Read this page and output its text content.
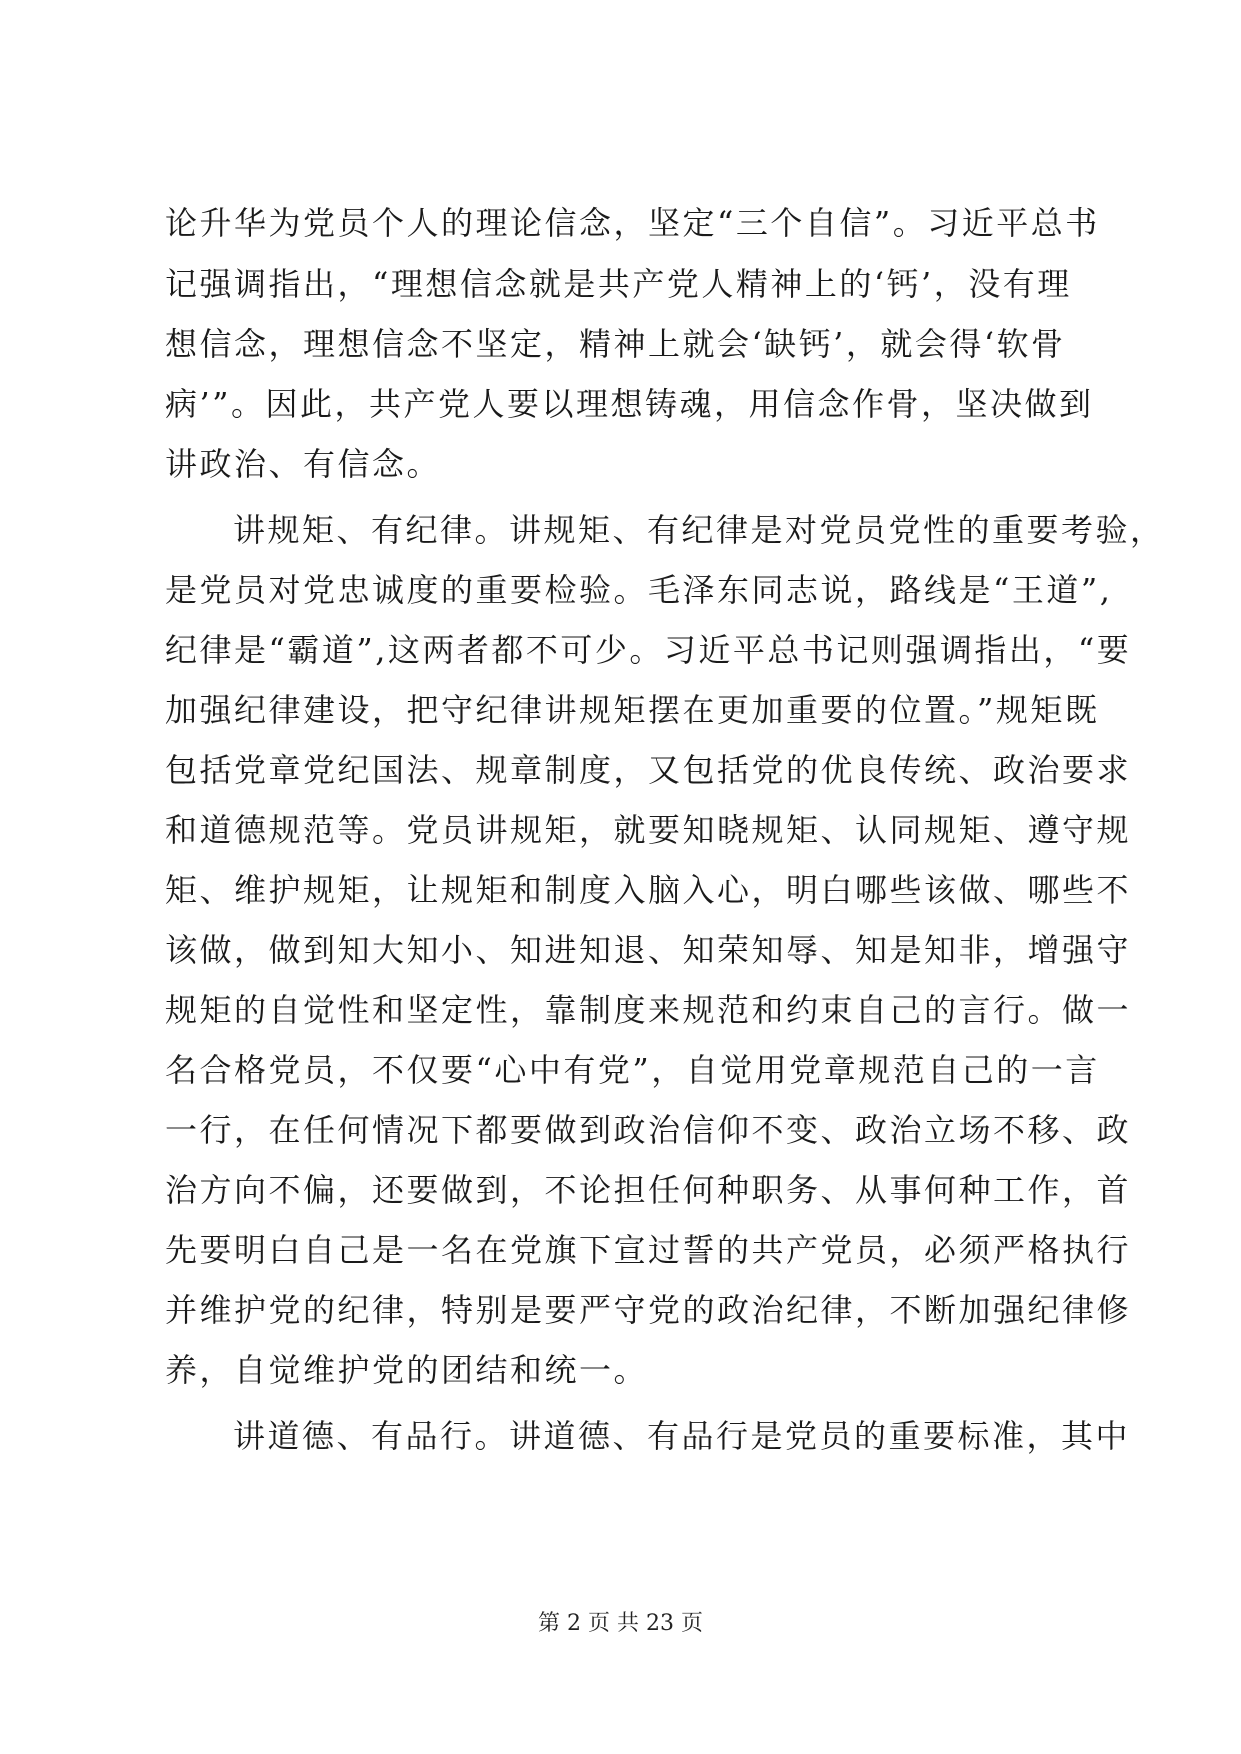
论升华为党员个人的理论信念，坚定“三个自信”。习近平总书
记强调指出，“理想信念就是共产党人精神上的‘钙’，没有理
想信念，理想信念不坚定，精神上就会‘缺钙’，就会得‘软骨
病’”。因此，共产党人要以理想铸魂，用信念作骨，坚决做到
讲政治、有信念。
讲规矩、有纪律。讲规矩、有纪律是对党员党性的重要考验，
是党员对党忠诚度的重要检验。毛泽东同志说，路线是“王道”,
纪律是“霸道”,这两者都不可少。习近平总书记则强调指出，“要
加强纪律建设，把守纪律讲规矩摆在更加重要的位置。”规矩既
包括党章党纪国法、规章制度，又包括党的优良传统、政治要求
和道德规范等。党员讲规矩，就要知晓规矩、认同规矩、遵守规
矩、维护规矩，让规矩和制度入脑入心，明白哪些该做、哪些不
该做，做到知大知小、知进知退、知荣知辱、知是知非，增强守
规矩的自觉性和坚定性，靠制度来规范和约束自己的言行。做一
名合格党员，不仅要“心中有党”，自觉用党章规范自己的一言
一行，在任何情况下都要做到政治信仰不变、政治立场不移、政
治方向不偏，还要做到，不论担任何种职务、从事何种工作，首
先要明白自己是一名在党旗下宣过誓的共产党员，必须严格执行
并维护党的纪律，特别是要严守党的政治纪律，不断加强纪律修
养，自觉维护党的团结和统一。
讲道德、有品行。讲道德、有品行是党员的重要标准，其中
第 2 页 共 23 页
